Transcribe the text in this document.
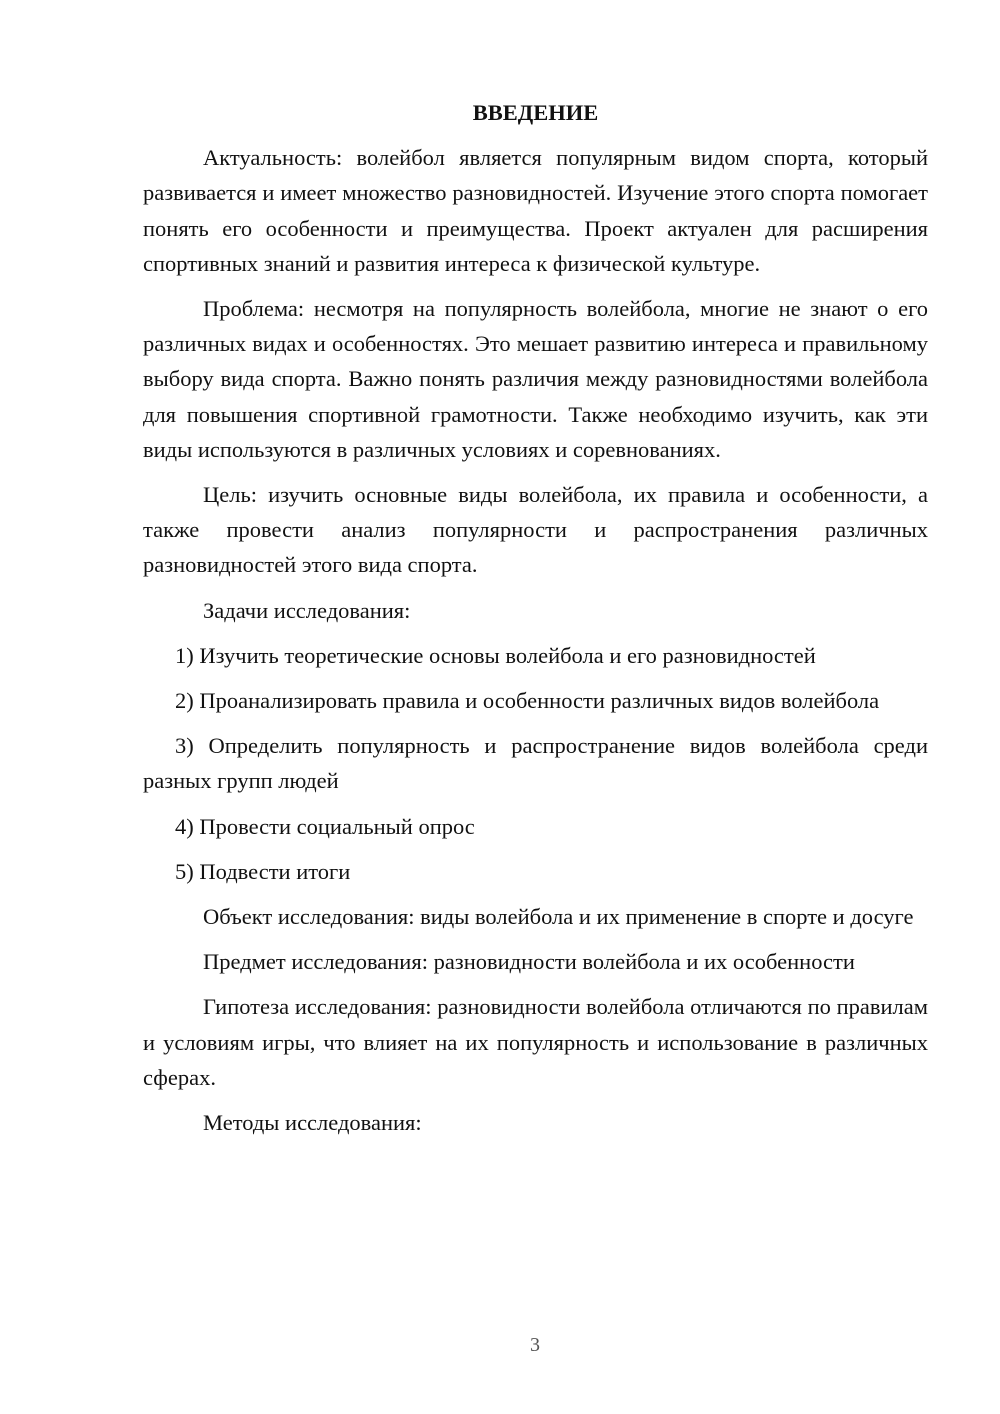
ВВЕДЕНИЕ

Актуальность: волейбол является популярным видом спорта, который развивается и имеет множество разновидностей. Изучение этого спорта помогает понять его особенности и преимущества. Проект актуален для расширения спортивных знаний и развития интереса к физической культуре.

Проблема: несмотря на популярность волейбола, многие не знают о его различных видах и особенностях. Это мешает развитию интереса и правильному выбору вида спорта. Важно понять различия между разновидностями волейбола для повышения спортивной грамотности. Также необходимо изучить, как эти виды используются в различных условиях и соревнованиях.

Цель: изучить основные виды волейбола, их правила и особенности, а также провести анализ популярности и распространения различных разновидностей этого вида спорта.

Задачи исследования:

1) Изучить теоретические основы волейбола и его разновидностей

2) Проанализировать правила и особенности различных видов волейбола

3) Определить популярность и распространение видов волейбола среди разных групп людей

4) Провести социальный опрос

5) Подвести итоги

Объект исследования: виды волейбола и их применение в спорте и досуге

Предмет исследования: разновидности волейбола и их особенности

Гипотеза исследования: разновидности волейбола отличаются по правилам и условиям игры, что влияет на их популярность и использование в различных сферах.

Методы исследования:

3
